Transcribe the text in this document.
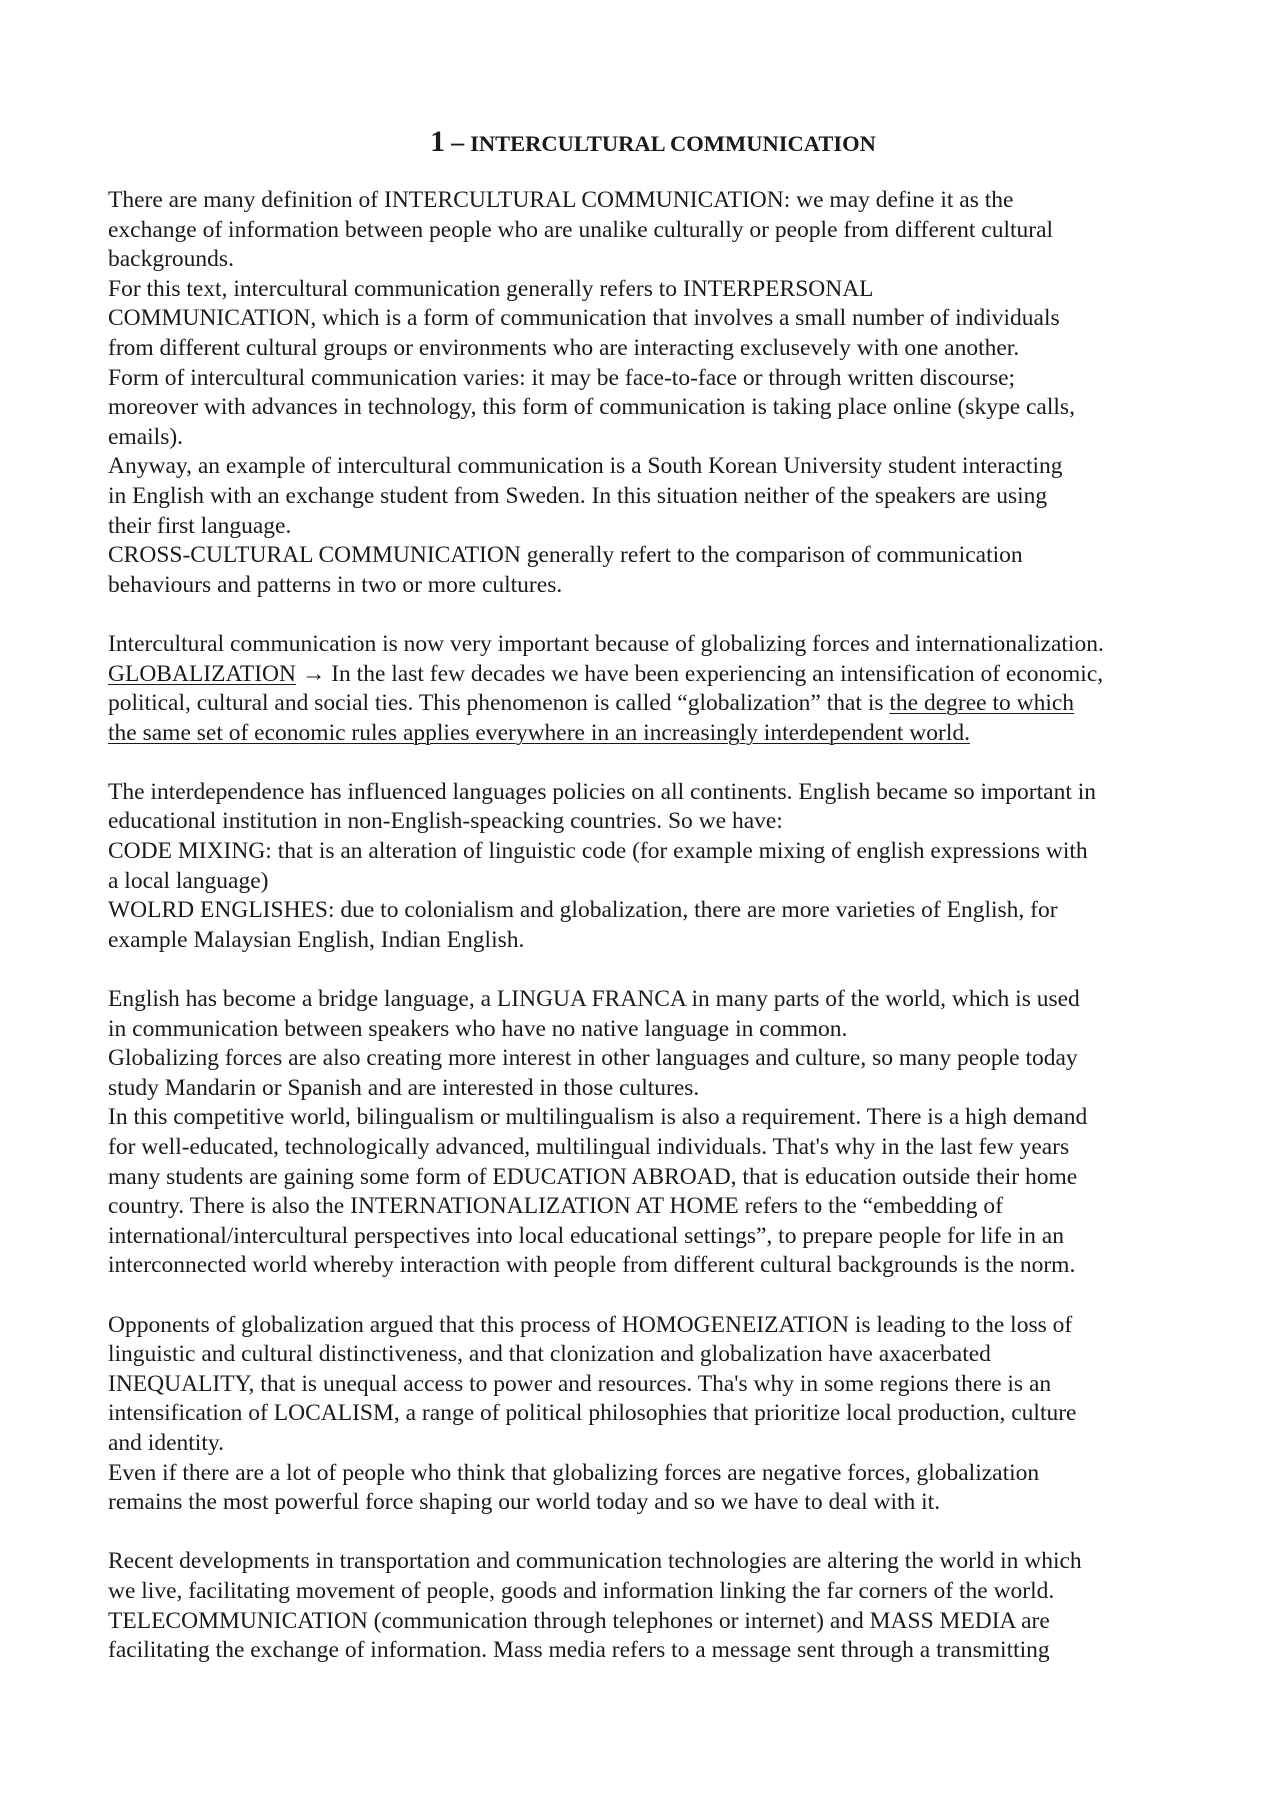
1 – INTERCULTURAL COMMUNICATION

There are many definition of INTERCULTURAL COMMUNICATION: we may define it as the
exchange of information between people who are unalike culturally or people from different cultural
backgrounds.
For this text, intercultural communication generally refers to INTERPERSONAL
COMMUNICATION, which is a form of communication that involves a small number of individuals
from different cultural groups or environments who are interacting exclusevely with one another.
Form of intercultural communication varies: it may be face-to-face or through written discourse;
moreover with advances in technology, this form of communication is taking place online (skype calls,
emails).
Anyway, an example of intercultural communication is a South Korean University student interacting
in English with an exchange student from Sweden. In this situation neither of the speakers are using
their first language.
CROSS-CULTURAL COMMUNICATION generally refert to the comparison of communication
behaviours and patterns in two or more cultures.

Intercultural communication is now very important because of globalizing forces and internationalization.
GLOBALIZATION → In the last few decades we have been experiencing an intensification of economic,
political, cultural and social ties. This phenomenon is called “globalization” that is the degree to which
the same set of economic rules applies everywhere in an increasingly interdependent world.

The interdependence has influenced languages policies on all continents. English became so important in
educational institution in non-English-speacking countries. So we have:
CODE MIXING: that is an alteration of linguistic code (for example mixing of english expressions with
a local language)
WOLRD ENGLISHES: due to colonialism and globalization, there are more varieties of English, for
example Malaysian English, Indian English.

English has become a bridge language, a LINGUA FRANCA in many parts of the world, which is used
in communication between speakers who have no native language in common.
Globalizing forces are also creating more interest in other languages and culture, so many people today
study Mandarin or Spanish and are interested in those cultures.
In this competitive world, bilingualism or multilingualism is also a requirement. There is a high demand
for well-educated, technologically advanced, multilingual individuals. That's why in the last few years
many students are gaining some form of EDUCATION ABROAD, that is education outside their home
country. There is also the INTERNATIONALIZATION AT HOME refers to the “embedding of
international/intercultural perspectives into local educational settings”, to prepare people for life in an
interconnected world whereby interaction with people from different cultural backgrounds is the norm.

Opponents of globalization argued that this process of HOMOGENEIZATION is leading to the loss of
linguistic and cultural distinctiveness, and that clonization and globalization have axacerbated
INEQUALITY, that is unequal access to power and resources. Tha's why in some regions there is an
intensification of LOCALISM, a range of political philosophies that prioritize local production, culture
and identity.
Even if there are a lot of people who think that globalizing forces are negative forces, globalization
remains the most powerful force shaping our world today and so we have to deal with it.

Recent developments in transportation and communication technologies are altering the world in which
we live, facilitating movement of people, goods and information linking the far corners of the world.
TELECOMMUNICATION (communication through telephones or internet) and MASS MEDIA are
facilitating the exchange of information. Mass media refers to a message sent through a transmitting
